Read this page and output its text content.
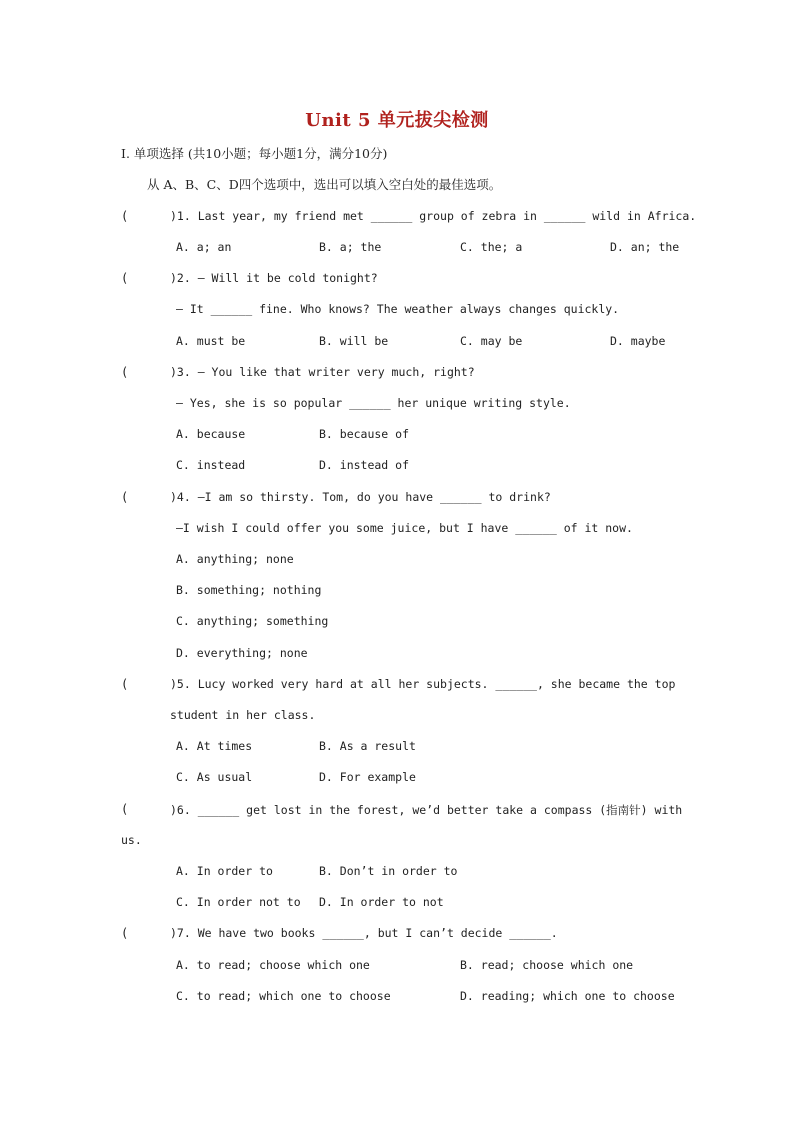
Unit 5 单元拔尖检测
I. 单项选择 (共10小题；每小题1分，满分10分)
从 A、B、C、D四个选项中，选出可以填入空白处的最佳选项。
(	)1. Last year, my friend met ______ group of zebra in ______ wild in Africa.
A. a; an	B. a; the	C. the; a	D. an; the
(	)2. — Will it be cold tonight?
— It ______ fine. Who knows? The weather always changes quickly.
A. must be	B. will be	C. may be	D. maybe
(	)3. — You like that writer very much, right?
— Yes, she is so popular ______ her unique writing style.
A. because	B. because of
C. instead	D. instead of
(	)4. —I am so thirsty. Tom, do you have ______ to drink?
—I wish I could offer you some juice, but I have ______ of it now.
A. anything; none
B. something; nothing
C. anything; something
D. everything; none
(	)5. Lucy worked very hard at all her subjects. ______, she became the top
student in her class.
A. At times	B. As a result
C. As usual	D. For example
(	)6. ______ get lost in the forest, we’d better take a compass (指南针) with
us.
A. In order to	B. Don’t in order to
C. In order not to D. In order to not
(	)7. We have two books ______, but I can’t decide ______.
A. to read; choose which one	B. read; choose which one
C. to read; which one to choose	D. reading; which one to choose
